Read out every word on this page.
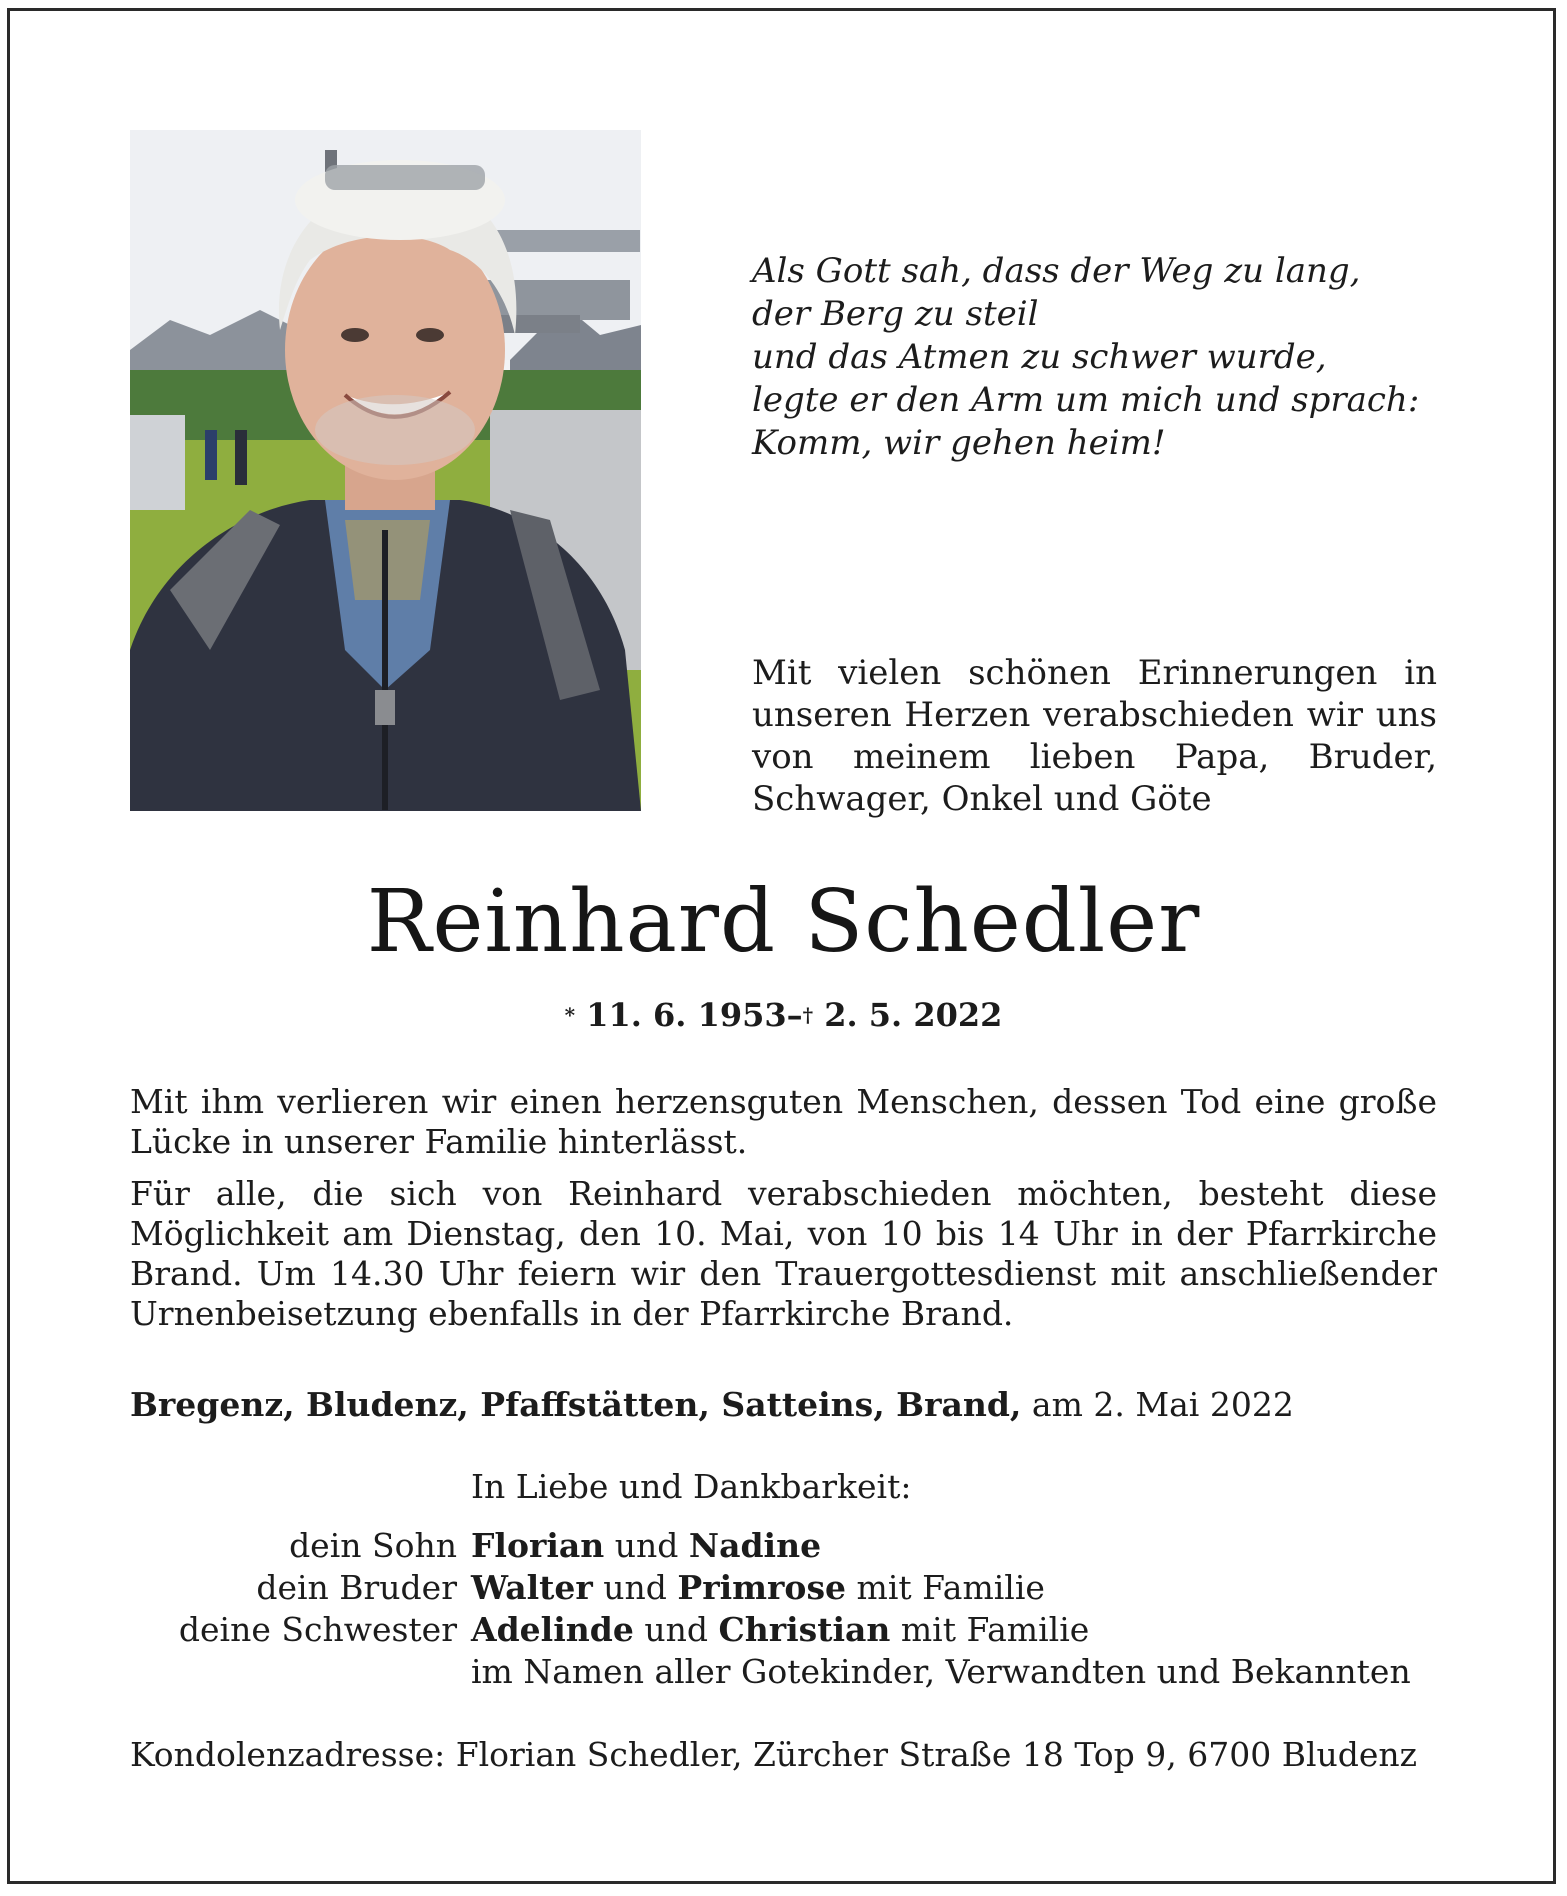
Als Gott sah, dass der Weg zu lang,
der Berg zu steil
und das Atmen zu schwer wurde,
legte er den Arm um mich und sprach:
Komm, wir gehen heim!
Mit vielen schönen Erinnerungen in unseren Herzen verabschieden wir uns von meinem lieben Papa, Bruder, Schwager, Onkel und Göte
Reinhard Schedler
* 11. 6. 1953–† 2. 5. 2022
Mit ihm verlieren wir einen herzensguten Menschen, dessen Tod eine große Lücke in unserer Familie hinterlässt.
Für alle, die sich von Reinhard verabschieden möchten, besteht diese Möglichkeit am Dienstag, den 10. Mai, von 10 bis 14 Uhr in der Pfarrkirche Brand. Um 14.30 Uhr feiern wir den Trauergottesdienst mit anschließender Urnenbeisetzung ebenfalls in der Pfarrkirche Brand.
Bregenz, Bludenz, Pfaffstätten, Satteins, Brand, am 2. Mai 2022
In Liebe und Dankbarkeit:
dein Sohn Florian und Nadine
dein Bruder Walter und Primrose mit Familie
deine Schwester Adelinde und Christian mit Familie
im Namen aller Gotekinder, Verwandten und Bekannten
Kondolenzadresse: Florian Schedler, Zürcher Straße 18 Top 9, 6700 Bludenz
